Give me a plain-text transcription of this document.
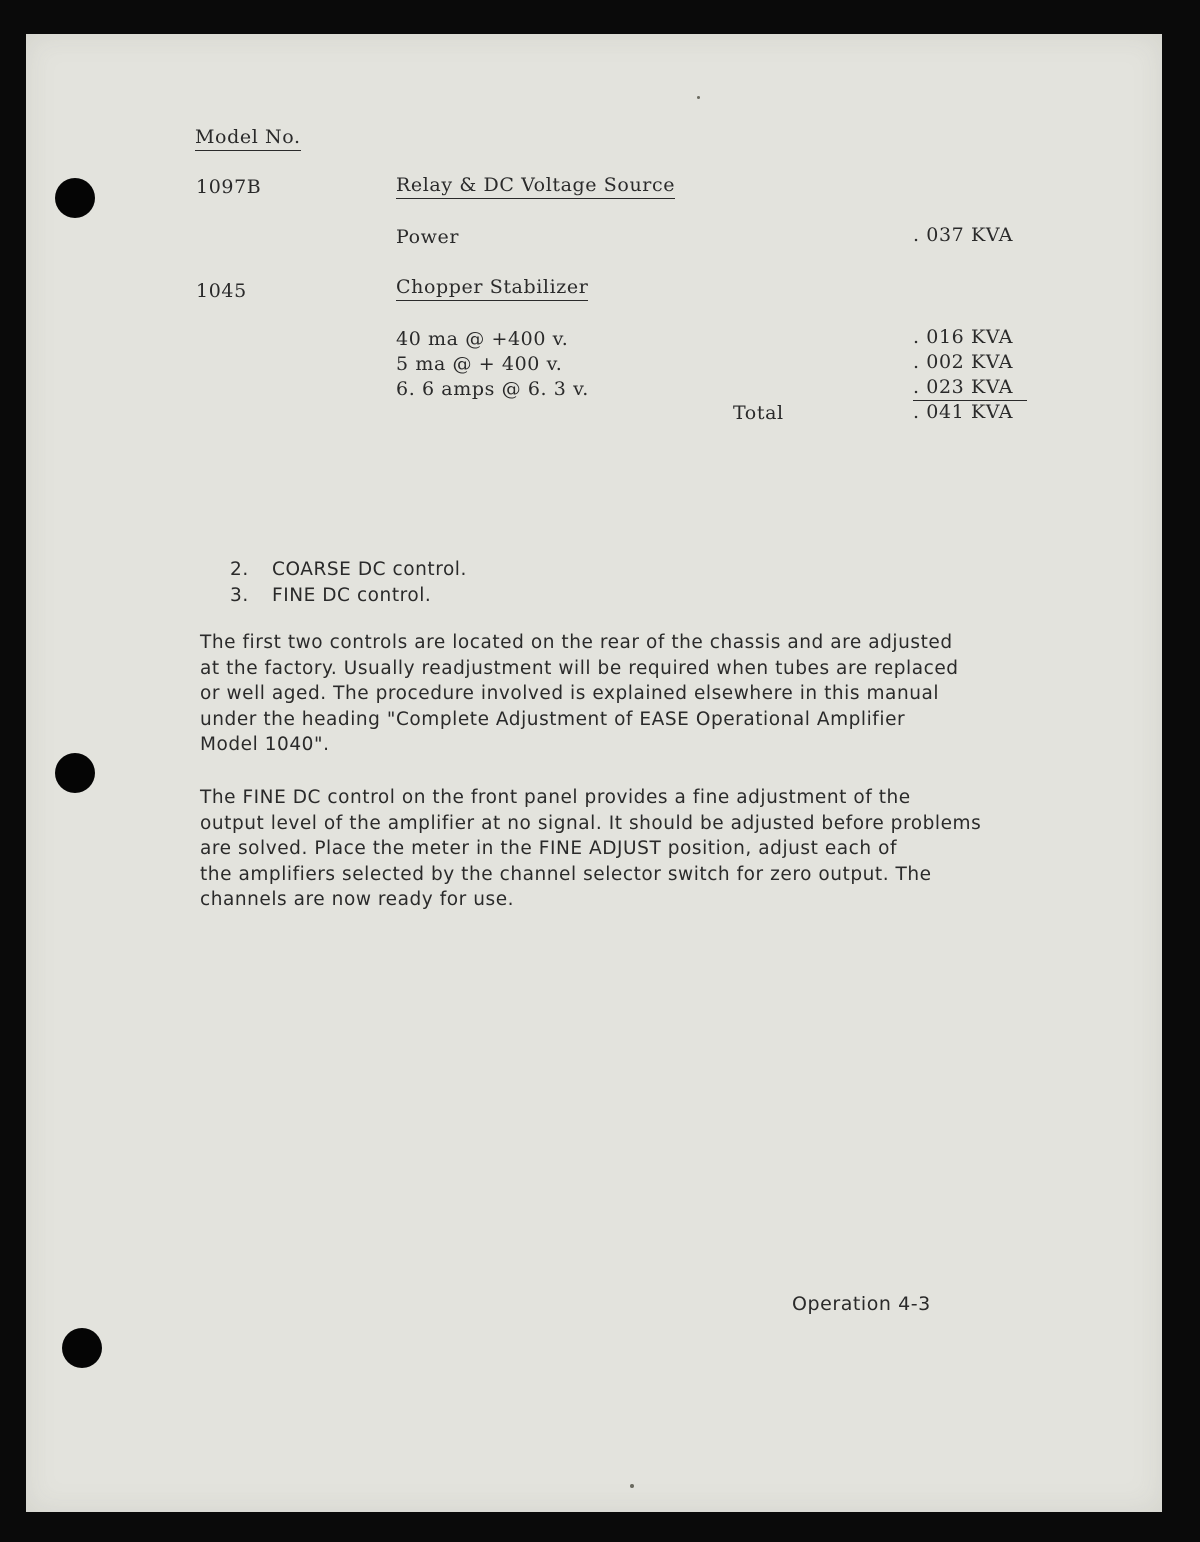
Model No.
1097B	Relay & DC Voltage Source
Power	. 037 KVA
1045	Chopper Stabilizer
40 ma @ +400 v.	. 016 KVA
5 ma @ + 400 v.	. 002 KVA
6. 6 amps @ 6. 3 v.	. 023 KVA
Total	. 041 KVA
2. COARSE DC control.
3. FINE DC control.
The first two controls are located on the rear of the chassis and are adjusted
at the factory. Usually readjustment will be required when tubes are replaced
or well aged. The procedure involved is explained elsewhere in this manual
under the heading "Complete Adjustment of EASE Operational Amplifier
Model 1040".
The FINE DC control on the front panel provides a fine adjustment of the
output level of the amplifier at no signal. It should be adjusted before problems
are solved. Place the meter in the FINE ADJUST position, adjust each of
the amplifiers selected by the channel selector switch for zero output. The
channels are now ready for use.
Operation 4-3
